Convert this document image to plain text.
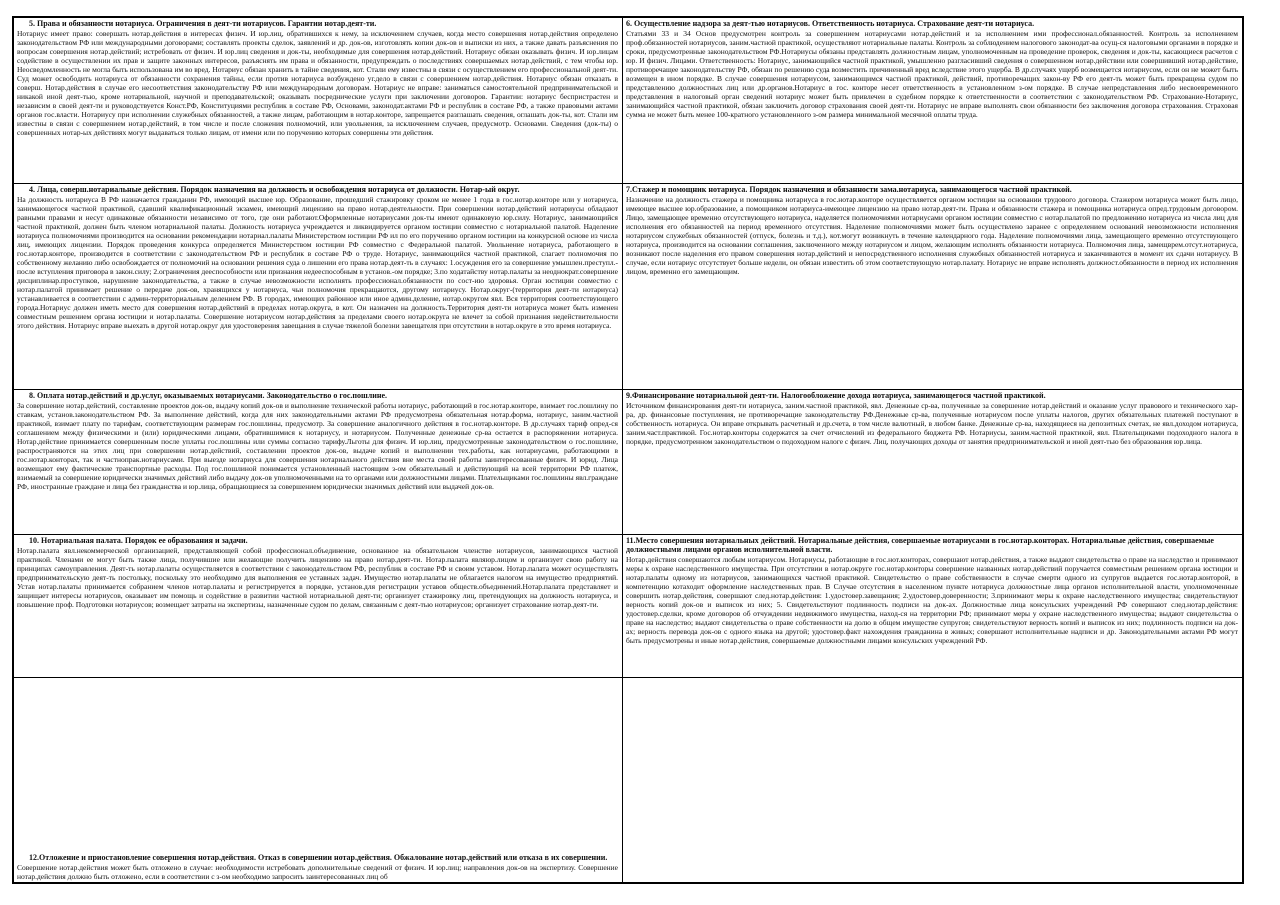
5. Права и обязанности нотариуса. Ограничения в деят-ти нотариусов. Гарантии нотар.деят-ти.

Нотариус имеет право: совершать нотар.действия в интересах физич. И юр.лиц, обратившихся к нему, за исключением случаев, когда место совершения нотар.действия определено законодательством РФ или международными договорами; составлять проекты сделок, заявлений и др. док-ов, изготовлять копии док-ов и выписки из них, а также давать разъяснения по вопросам совершения нотар.действий; истребовать от физич. И юр.лиц сведения и док-ты, необходимые для совершения нотар.действий. Нотариус обязан оказывать физич. И юр.лицам содействие в осуществлении их прав и защите законных интересов, разъяснять им права и обязанности, предупреждать о последствиях совершаемых нотар.действий, с тем чтобы юр. Неосведомленность не могла быть использована им во вред. Нотариус обязан хранить в тайне сведения, кот. Стали ему известны в связи с осуществлением его профессиональной деят-ти. Суд может освободить нотариуса от обязанности сохранения тайны, если против нотариуса возбуждено уг.дело в связи с совершением нотар.действия. Нотариус обязан отказать в соверш. Нотар.действия в случае его несоответствия законодательству РФ или международным договорам. Нотариус не вправе: заниматься самостоятельной предпринимательской и никакой иной деят-тью, кроме нотариальной, научной и преподавательской; оказывать посреднические услуги при заключении договоров. Гарантии: нотариус беспристрастен и независим в своей деят-ти и руководствуется Конст.РФ, Конституциями республик в составе РФ, Основами, законодат.актами РФ и республик в составе РФ, а также правовыми актами органов гос.власти. Нотариусу при исполнении служебных обязанностей, а также лицам, работающим в нотар.конторе, запрещается разглашать сведения, оглашать док-ты, кот. Стали им известны в связи с совершением нотар.действий, в том числе и после сложения полномочий, или увольнения, за исключением случаев, предусмотр. Основами. Сведения (док-ты) о совершенных нотар-ых действиях могут выдаваться только лицам, от имени или по поручению которых совершены эти действия.

6. Осуществление надзора за деят-тью нотариусов. Ответственность нотариуса. Страхование деят-ти нотариуса.

Статьями 33 и 34 Основ предусмотрен контроль за совершением нотариусами нотар.действий и за исполнением ими профессионал.обязанностей. Контроль за исполнением проф.обязанностей нотариусов, заним.частной практикой, осуществляют нотариальные палаты. Контроль за соблюдением налогового законодат-ва осущ-ся налоговыми органами в порядке и сроки, предусмотренные законодательством РФ.Нотариусы обязаны представлять должностным лицам, уполномоченным на проведение проверок, сведения и док-ты, касающиеся расчетов с юр. И физич. Лицами. Ответственность: Нотариус, занимающийся частной практикой, умышленно разгласивший сведения о совершенном нотар.действии или совершивший нотар.действие, противоречащее законодательству РФ, обязан по решению суда возместить причиненный вред вследствие этого ущерба. В др.случаях ущерб возмещается нотариусом, если он не может быть возмещен в ином порядке. В случае совершения нотариусом, занимающимся частной практикой, действий, противоречащих закон-ву РФ его деят-ть может быть прекращена судом по представлению должностных лиц или др.органов.Нотариус в гос. конторе несет ответственность в установленном з-ом порядке. В случае непредставления либо несвоевременного представления в налоговый орган сведений нотариус может быть привлечен в судебном порядке к ответственности в соответствии с законодательством РФ. Страхование-Нотариус, занимающийся частной практикой, обязан заключить договор страхования своей деят-ти. Нотариус не вправе выполнять свои обязанности без заключения договора страхования. Страховая сумма не может быть менее 100-кратного установленного з-ом размера минимальной месячной оплаты труда.

4. Лица, соверш.нотариальные действия. Порядок назначения на должность и освобождения нотариуса от должности. Нотар-ый округ.

На должность нотариуса В РФ назначается гражданин РФ, имеющий высшее юр. Образование, прошедший стажировку сроком не менее 1 года в гос.нотар.конторе или у нотариуса, занимающегося частной практикой, сдавший квалификационный экзамен, имеющий лицензию на право нотар.деятельности. При совершении нотар.действий нотариусы обладают равными правами и несут одинаковые обязанности независимо от того, где они работают.Оформленные нотариусами док-ты имеют одинаковую юр.силу. Нотариус, занимающийся частной практикой, должен быть членом нотариальной палаты. Должность нотариуса учреждается и ликвидируется органом юстиции совместно с нотариальной палатой. Наделение нотариуса полномочиями производится на основании рекомендации нотариал.палаты Министерством юстиции РФ ил по его поручению органом юстиции на конкурсной основе из числа лиц, имеющих лицензии. Порядок проведения конкурса определяется Министерством юстиции РФ совместно с Федеральной палатой. Увольнение нотариуса, работающего в гос.нотар.конторе, производится в соответствии с законодательством РФ и республик в составе РФ о труде. Нотариус, занимающийся частной практикой, слагает полномочия по собственному желанию либо освобождается от полномочий на основании решения суда о лишении его права нотар.деят-ть в случаях: 1.осуждения его за совершение умышлен.преступл.-после вступления приговора в закон.силу; 2.ограничения дееспособности или признания недееспособным в установ.-ом порядке; 3.по ходатайству нотар.палаты за неоднократ.совершение дисциплинар.проступков, нарушение законодательства, а также в случае невозможности исполнять профессионал.обязанности по сост-ию здоровья. Орган юстиции совместно с нотар.палатой принимает решение о передаче док-ов, хранящихся у нотариуса, чьи полномочия прекращаются, другому нотариусу. Нотар.округ-(территория деят-ти нотариуса) устанавливается в соответствии с админ-территориальным делением РФ. В городах, имеющих районное или иное админ.деление, нотар.округом явл. Вся территория соответствующего города.Нотариус должен иметь место для совершения нотар.действий в пределах нотар.округа, в кот. Он назначен на должность.Территория деят-ти нотариуса может быть изменен совместным решением органа юстиции и нотар.палаты. Совершение нотариусом нотар.действия за пределами своего нотар.округа не влечет за собой признания недействительности этого действия. Нотариус вправе выехать в другой нотар.округ для удостоверения завещания в случае тяжелой болезни завещателя при отсутствии в нотар.округе в это время нотариуса.

7.Стажер и помощник нотариуса. Порядок назначения и обязанности зама.нотариуса, занимающегося частной практикой.

Назначение на должность стажера и помощника нотариуса в гос.нотар.конторе осуществляется органом юстиции на основании трудового договора. Стажером нотариуса может быть лицо, имеющее высшее юр.образование, а помощником нотариуса-имеющее лицензию на право нотар.деят-ти. Права и обязанности стажера и помощника нотариуса опред.трудовым договором. Лицо, замещающее временно отсутствующего нотариуса, наделяется полномочиями нотариусами органом юстиции совместно с нотар.палатой по предложению нотариуса из числа лиц для исполнения его обязанностей на период временного отсутствия. Наделение полномочиями может быть осуществлено заранее с определением оснований невозможности исполнения нотариусом служебных обязанностей (отпуск, болезнь и т.д.), кот.могут возникнуть в течение календарного года. Наделение полномочиями лица, замещающего временно отсутствующего нотариуса, производится на основании соглашения, заключенного между нотариусом и лицом, желающим исполнять обязанности нотариуса. Полномочия лица, замещврем.отсут.нотариуса, возникают после наделения его правом совершения нотар.действий и непосредственного исполнения служебных обязанностей нотариуса и заканчиваются в момент их сдачи нотариусу. В случае, если нотариус отсутствует больше недели, он обязан известить об этом соответствующую нотар.палату. Нотариус не вправе исполнять должност.обязанности в период их исполнения лицом, временно его замещающим.

8. Оплата нотар.действий и др.услуг, оказываемых нотариусами. Законодательство о гос.пошлине.

За совершение нотар.действий, составление проектов док-ов, выдачу копий док-ов и выполнение технической работы нотариус, работающий в гос.нотар.конторе, взимает гос.пошлину по ставкам, установ.законодательством РФ. За выполнение действий, когда для них законодательными актами РФ предусмотрена обязательная нотар.форма, нотариус, заним.частной практикой, взимает плату по тарифам, соответствующим размерам гос.пошлины, предусмотр. За совершение аналогичного действия в гос.нотар.конторе. В др.случаях тариф опред-ся соглашением между физическими и (или) юридическими лицами, обратившимися к нотариусу, и нотариусом. Полученные денежные ср-ва остается в распоряжении нотариуса. Нотар.действие принимается совершенным после уплаты гос.пошлины или суммы согласно тарифу.Льготы для физич. И юр.лиц, предусмотренные законодательством о гос.пошлине, распространяются на этих лиц при совершении нотар.действий, составлении проектов док-ов, выдаче копий и выполнении тех.работы, как нотариусами, работающими в гос.нотар.конторах, так и частнопрак.нотариусами. При выезде нотариуса для совершения нотариального действия вне места своей работы заинтересованные физич. И юрид. Лица возмещают ему фактические транспортные расходы. Под гос.пошлиной понимается установленный настоящим з-ом обязательный и действующий на всей территории РФ платеж, взимаемый за совершение юридически значимых действий либо выдачу док-ов уполномоченными на то органами или должностными лицами. Плательщиками гос.пошлины явл.граждане РФ, иностранные граждане и лица без гражданства и юр.лица, обращающиеся за совершением юридически значимых действий или выдачей док-ов.

9.Финансирование нотариальной деят-ти. Налогообложение дохода нотариуса, занимающегося частной практикой.

Источником финансирования деят-ти нотариуса, заним.частной практикой, явл. Денежные ср-ва, полученные за совершение нотар.действий и оказание услуг правового и технического хар-ра, др. финансовые поступления, не противоречащие законодательству РФ.Денежные ср-ва, полученные нотариусом после уплаты налогов, других обязательных платежей поступают в собственность нотариуса. Он вправе открывать расчетный и др.счета, в том числе валютный, в любом банке. Денежные ср-ва, находящиеся на депозитных счетах, не явл.доходом нотариуса, заним.част.практикой. Гос.нотар.конторы содержатся за счет отчислений из федерального бюджета РФ. Нотариусы, заним.частной практикой, явл. Плательщиками подоходного налога в порядке, предусмотренном законодательством о подоходном налоге с физич. Лиц, получающих доходы от занятия предпринимательской и иной деят-тью без образования юр.лица.

10. Нотариальная палата. Порядок ее образования и задачи.

Нотар.палата явл.некоммерческой организацией, представляющей собой профессионал.объединение, основанное на обязательном членстве нотариусов, занимающихся частной практикой. Членами ее могут быть также лица, получившие или желающие получить лицензию на право нотар.деят-ти. Нотар.палата являюр.лицом и организует свою работу на принципах самоуправления. Деят-ть нотар.палаты осуществляется в соответствии с законодательством РФ, республик в составе РФ и своим уставом. Нотар.палата может осуществлять предпринимательскую деят-ть постольку, поскольку это необходимо для выполнения ее уставных задач. Имущество нотар.палаты не облагается налогом на имущество предприятий. Устав нотар.палаты принимается собранием членов нотар.палаты и регистрируется в порядке, установ.для регистрации уставов обществ.объединений.Нотар.палата представляет и защищает интересы нотариусов, оказывает им помощь и содействие в развитии частной нотариальной деят-ти; организует стажировку лиц, претендующих на должность нотариуса, и повышение проф. Подготовки нотариусов; возмещает затраты на экспертизы, назначенные судом по делам, связанным с деят-тью нотариусов; организует страхование нотар.деят-ти.

11.Место совершения нотариальных действий. Нотариальные действия, совершаемые нотариусами в гос.нотар.конторах. Нотариальные действия, совершаемые должностными лицами органов исполнительной власти.

Нотар.действия совершаются любым нотариусом. Нотариусы, работающие в гос.нот.конторах, совершают нотар.действия, а также выдают свидетельства о праве на наследство и принимают меры к охране наследственного имущества. При отсутствии в нотар.округе гос.нотар.конторы совершение названных нотар.действий поручается совместным решением органа юстиции и нотар.палаты одному из нотариусов, занимающихся частной практикой. Свидетельство о праве собственности в случае смерти одного из супругов выдается гос.нотар.конторой, в компетенцию котаходит оформление наследственных прав. В Случае отсутствия в населенном пункте нотариуса должностные лица органов исполнительной власти, уполномоченные совершить нотар.действия, совершают след.нотар.действия: 1.удостовер.завещания; 2.удостовер.доверенности; 3.принимают меры к охране наследственного имущества; свидетельствуют верность копий док-ов и выписок из них; 5. Свидетельствуют подлинность подписи на док-ах. Должностные лица консульских учреждений РФ совершают след.нотар.действия: удостовер.сделки, кроме договоров об отчуждении недвижимого имущества, наход-ся на территории РФ; принимают меры у охране наследственного имущества; выдают свидетельства о праве на наследство; выдают свидетельства о праве собственности на долю в общем имуществе супругов; свидетельствуют верность копий и выписок из них; подлинность подписи на док-ах; верность перевода док-ов с одного языка на другой; удостовер.факт нахождения гражданина в живых; совершают исполнительные надписи и др. Законодательными актами РФ могут быть предусмотрены и иные нотар.действия, совершаемые должностными лицами консульских учреждений РФ.

12.Отложение и приостановление совершения нотар.действия. Отказ в совершении нотар.действия. Обжалование нотар.действий или отказа в их совершении.

Совершение нотар.действия может быть отложено в случае: необходимости истребовать дополнительные сведений от физич. И юр.лиц; направления док-ов на экспертизу. Совершение нотар.действия должно быть отложено, если в соответствии с з-ом необходимо запросить заинтересованных лиц об
